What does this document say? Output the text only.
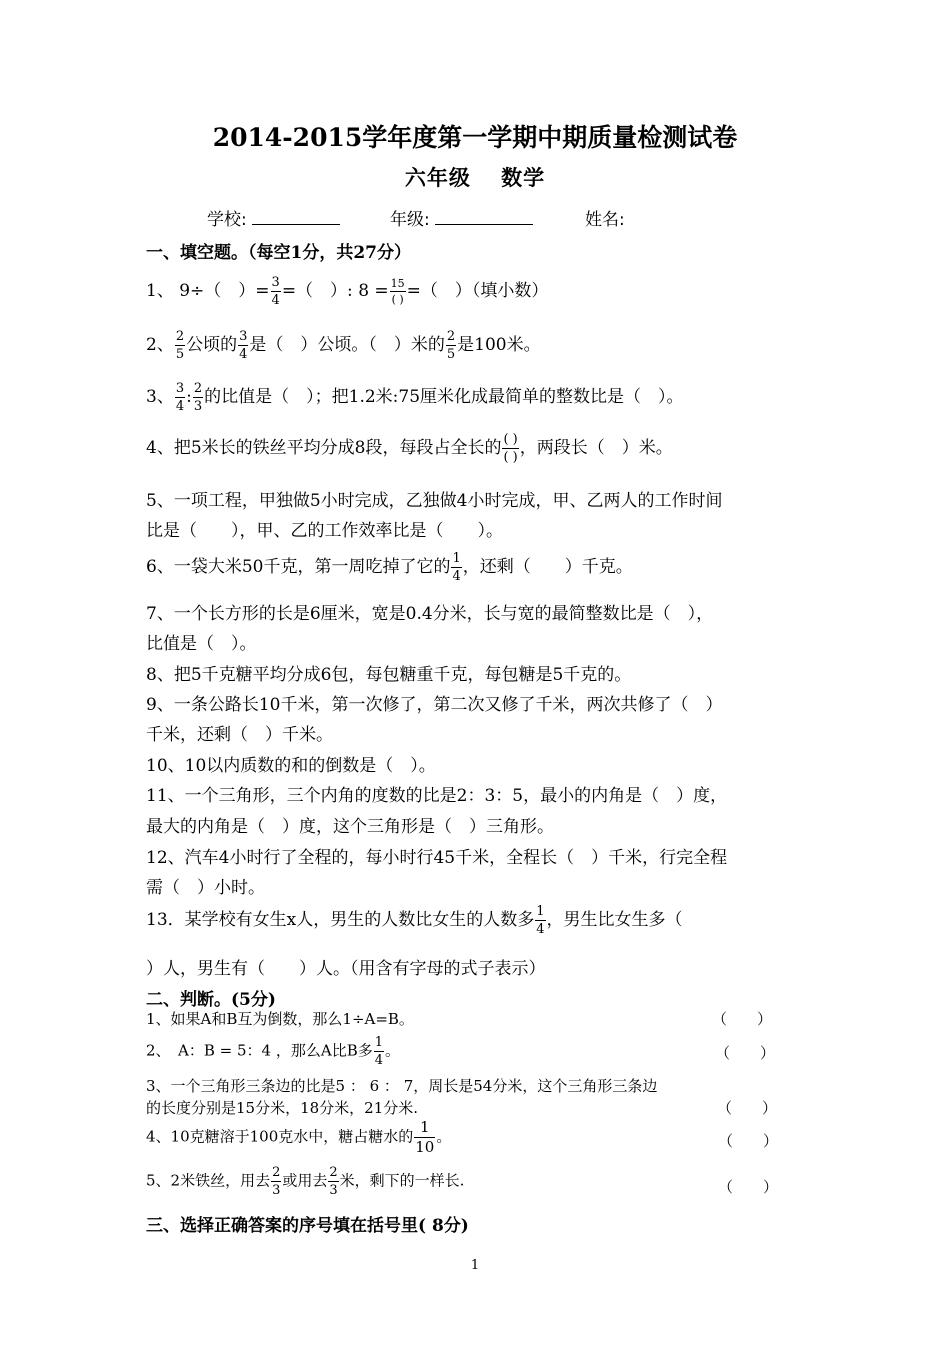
2014-2015学年度第一学期中期质量检测试卷
六年级　 数学
学校:	年级:	姓名:
一、填空题。（每空1分，共27分）
1、 9÷（　）= $\frac{3}{4}$ =（　）: $8 = \frac{15}{( )}$ =（　）（填小数）
2、 $\frac{2}{5}$ 公顷的 $\frac{3}{4}$ 是（　）公顷。（　）米的 $\frac{2}{5}$ 是100米。
3、 $\frac{3}{4}$ : $\frac{2}{3}$ 的比值是（　）；把1.2米:75厘米化成最简单的整数比是（　）。
4、把5米长的铁丝平均分成8段，每段占全长的 $\frac{( )}{( )}$ ，两段长（　）米。
5、一项工程，甲独做5小时完成，乙独做4小时完成，甲、乙两人的工作时间
比是（　　），甲、乙的工作效率比是（　　）。
6、一袋大米50千克，第一周吃掉了它的 $\frac{1}{4}$ ，还剩（　　）千克。
7、一个长方形的长是6厘米，宽是0.4分米，长与宽的最简整数比是（　），
比值是（　）。
8、把5千克糖平均分成6包，每包糖重千克，每包糖是5千克的。
9、一条公路长10千米，第一次修了，第二次又修了千米，两次共修了（　）
千米，还剩（　）千米。
10、10以内质数的和的倒数是（　）。
11、一个三角形，三个内角的度数的比是2：3：5，最小的内角是（　）度，
最大的内角是（　）度，这个三角形是（　）三角形。
12、汽车4小时行了全程的，每小时行45千米，全程长（　）千米，行完全程
需（　）小时。
13．某学校有女生x人，男生的人数比女生的人数多 $\frac{1}{4}$ ，男生比女生多（
）人，男生有（　　）人。（用含有字母的式子表示）
二、判断。(5分)
1、如果A和B互为倒数，那么1÷A=B。	（　　）
2、　A：B = 5：4 ，那么A比B多 $\frac{1}{4}$ 。	（　　）
3、一个三角形三条边的比是5 ： 6 ： 7，周长是54分米，这个三角形三条边
的长度分别是15分米，18分米，21分米.	（　　）
4、10克糖溶于100克水中，糖占糖水的 $\frac{1}{10}$ 。	（　　）
5、2米铁丝，用去 $\frac{2}{3}$ 或用去 $\frac{2}{3}$ 米，剩下的一样长.	（　　）
三、选择正确答案的序号填在括号里( 8分)
1
